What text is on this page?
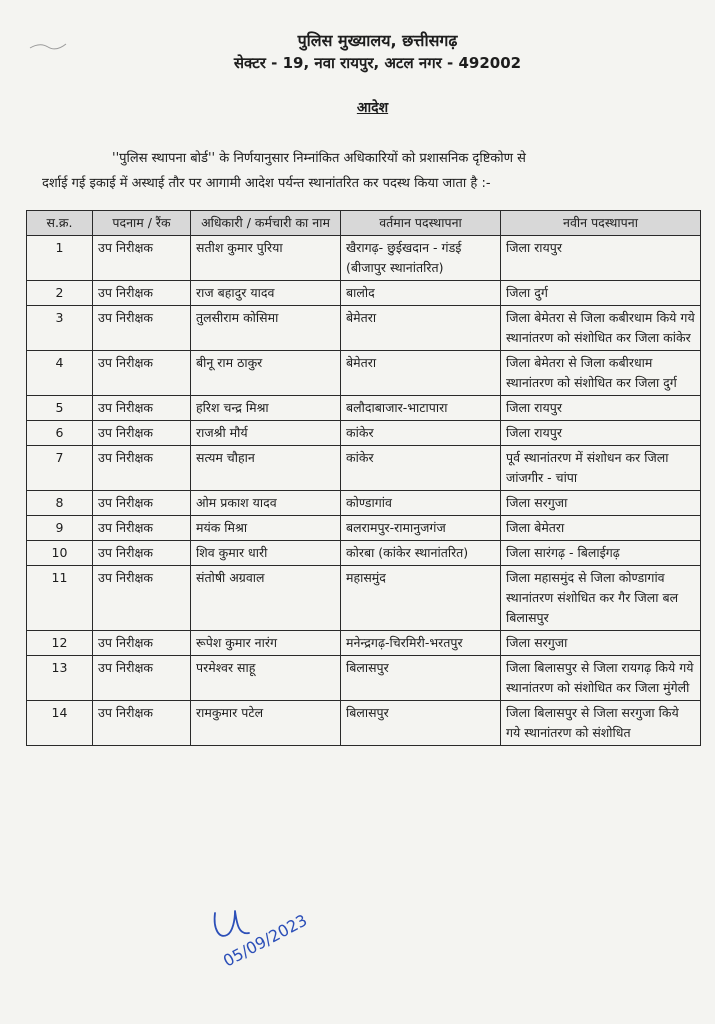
पुलिस मुख्यालय, छत्तीसगढ़
सेक्टर - 19, नवा रायपुर, अटल नगर - 492002
आदेश
''पुलिस स्थापना बोर्ड'' के निर्णयानुसार निम्नांकित अधिकारियों को प्रशासनिक दृष्टिकोण से
दर्शाई गई इकाई में अस्थाई तौर पर आगामी आदेश पर्यन्त स्थानांतरित कर पदस्थ किया जाता है :-
स.क्र.	पदनाम / रैंक	अधिकारी / कर्मचारी का नाम	वर्तमान पदस्थापना	नवीन पदस्थापना
1	उप निरीक्षक	सतीश कुमार पुरिया	खैरागढ़- छुईखदान - गंडई (बीजापुर स्थानांतरित)	जिला रायपुर
2	उप निरीक्षक	राज बहादुर यादव	बालोद	जिला दुर्ग
3	उप निरीक्षक	तुलसीराम कोसिमा	बेमेतरा	जिला बेमेतरा से जिला कबीरधाम किये गये स्थानांतरण को संशोधित कर जिला कांकेर
4	उप निरीक्षक	बीनू राम ठाकुर	बेमेतरा	जिला बेमेतरा से जिला कबीरधाम स्थानांतरण को संशोधित कर जिला दुर्ग
5	उप निरीक्षक	हरिश चन्द्र मिश्रा	बलौदाबाजार-भाटापारा	जिला रायपुर
6	उप निरीक्षक	राजश्री मौर्य	कांकेर	जिला रायपुर
7	उप निरीक्षक	सत्यम चौहान	कांकेर	पूर्व स्थानांतरण में संशोधन कर जिला जांजगीर - चांपा
8	उप निरीक्षक	ओम प्रकाश यादव	कोण्डागांव	जिला सरगुजा
9	उप निरीक्षक	मयंक मिश्रा	बलरामपुर-रामानुजगंज	जिला बेमेतरा
10	उप निरीक्षक	शिव कुमार धारी	कोरबा (कांकेर स्थानांतरित)	जिला सारंगढ़ - बिलाईगढ़
11	उप निरीक्षक	संतोषी अग्रवाल	महासमुंद	जिला महासमुंद से जिला कोण्डागांव स्थानांतरण संशोधित कर गैर जिला बल बिलासपुर
12	उप निरीक्षक	रूपेश कुमार नारंग	मनेन्द्रगढ़-चिरमिरी-भरतपुर	जिला सरगुजा
13	उप निरीक्षक	परमेश्वर साहू	बिलासपुर	जिला बिलासपुर से जिला रायगढ़ किये गये स्थानांतरण को संशोधित कर जिला मुंगेली
14	उप निरीक्षक	रामकुमार पटेल	बिलासपुर	जिला बिलासपुर से जिला सरगुजा किये गये स्थानांतरण को संशोधित
05/09/2023
